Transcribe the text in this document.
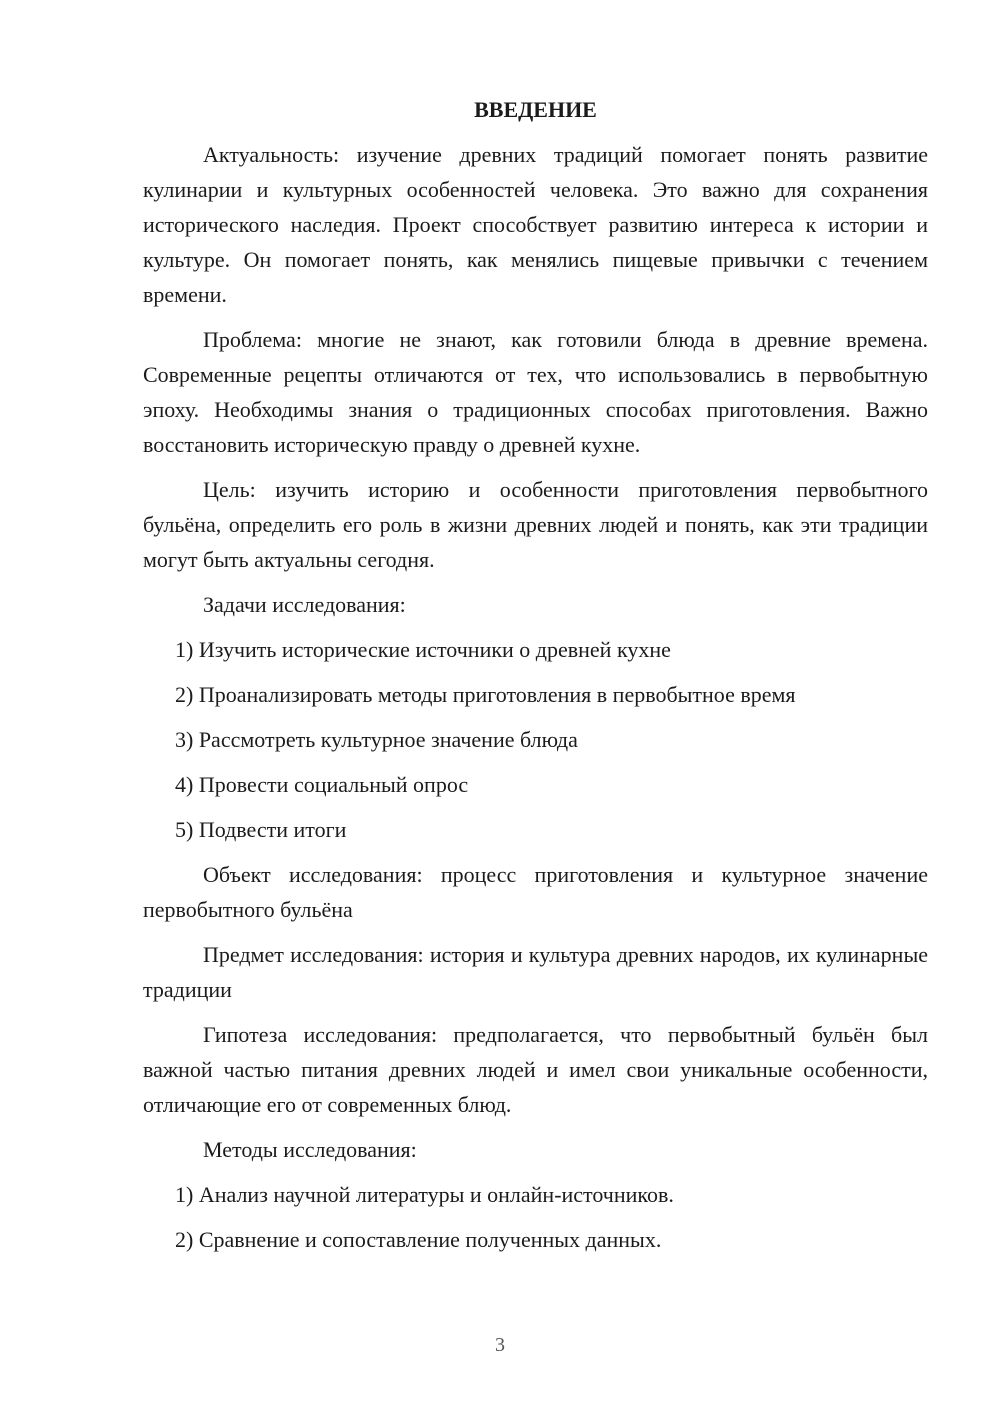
ВВЕДЕНИЕ

Актуальность: изучение древних традиций помогает понять развитие кулинарии и культурных особенностей человека. Это важно для сохранения исторического наследия. Проект способствует развитию интереса к истории и культуре. Он помогает понять, как менялись пищевые привычки с течением времени.

Проблема: многие не знают, как готовили блюда в древние времена. Современные рецепты отличаются от тех, что использовались в первобытную эпоху. Необходимы знания о традиционных способах приготовления. Важно восстановить историческую правду о древней кухне.

Цель: изучить историю и особенности приготовления первобытного бульёна, определить его роль в жизни древних людей и понять, как эти традиции могут быть актуальны сегодня.

Задачи исследования:

1) Изучить исторические источники о древней кухне
2) Проанализировать методы приготовления в первобытное время
3) Рассмотреть культурное значение блюда
4) Провести социальный опрос
5) Подвести итоги

Объект исследования: процесс приготовления и культурное значение первобытного бульёна

Предмет исследования: история и культура древних народов, их кулинарные традиции

Гипотеза исследования: предполагается, что первобытный бульён был важной частью питания древних людей и имел свои уникальные особенности, отличающие его от современных блюд.

Методы исследования:

1) Анализ научной литературы и онлайн-источников.
2) Сравнение и сопоставление полученных данных.
3
